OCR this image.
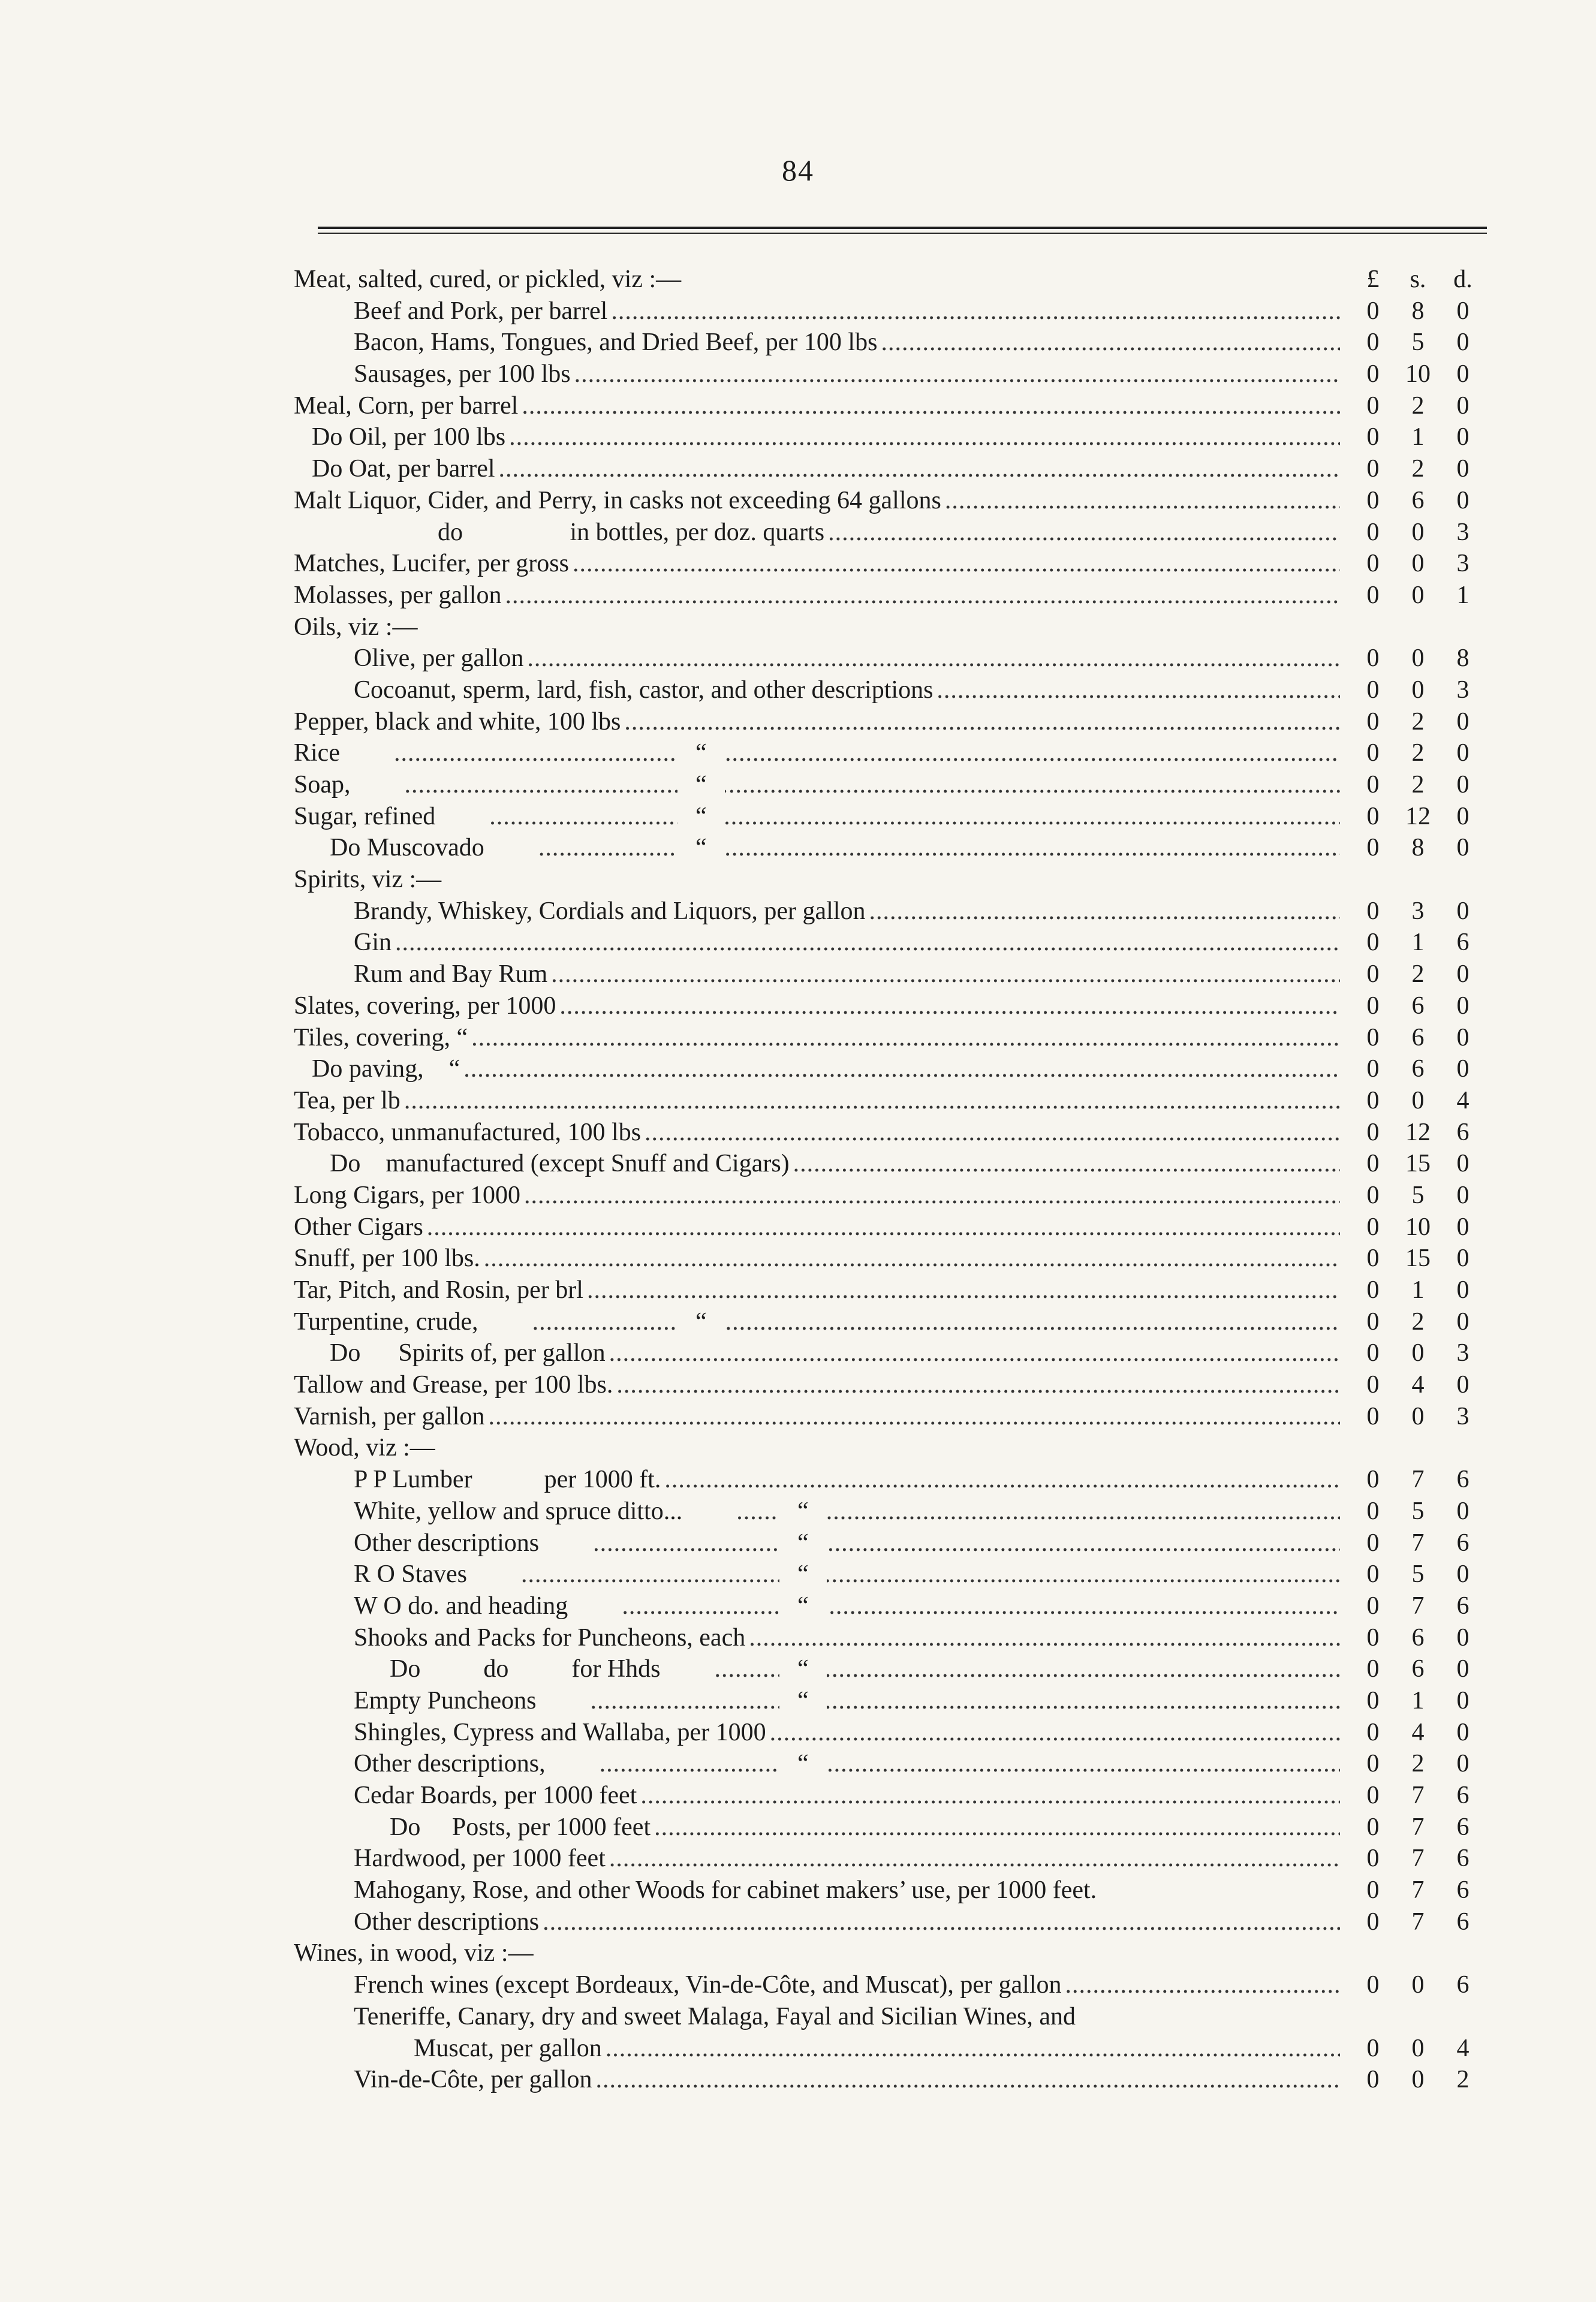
84
Meat, salted, cured, or pickled, viz :—	£	s.	d.
Beef and Pork, per barrel .....	0	8	0
Bacon, Hams, Tongues, and Dried Beef, per 100 lbs .....	0	5	0
Sausages, per 100 lbs .....	0	10	0
Meal, Corn, per barrel .....	0	2	0
Do Oil, per 100 lbs .....	0	1	0
Do Oat, per barrel .....	0	2	0
Malt Liquor, Cider, and Perry, in casks not exceeding 64 gallons .....	0	6	0
do                 in bottles, per doz. quarts .....	0	0	3
Matches, Lucifer, per gross .....	0	0	3
Molasses, per gallon .....	0	0	1
Oils, viz :—
Olive, per gallon .....	0	0	8
Cocoanut, sperm, lard, fish, castor, and other descriptions .....	0	0	3
Pepper, black and white, 100 lbs .....	0	2	0
Rice .....	“	0	2	0
Soap, .....	“	0	2	0
Sugar, refined .....	“	0	12	0
Do Muscovado .....	“	0	8	0
Spirits, viz :—
Brandy, Whiskey, Cordials and Liquors, per gallon .....	0	3	0
Gin .....	0	1	6
Rum and Bay Rum .....	0	2	0
Slates, covering, per 1000 .....	0	6	0
Tiles, covering, “ .....	0	6	0
Do paving,    “ .....	0	6	0
Tea, per lb .....	0	0	4
Tobacco, unmanufactured, 100 lbs .....	0	12	6
Do    manufactured (except Snuff and Cigars) .....	0	15	0
Long Cigars, per 1000 .....	0	5	0
Other Cigars .....	0	10	0
Snuff, per 100 lbs. .....	0	15	0
Tar, Pitch, and Rosin, per brl .....	0	1	0
Turpentine, crude, .....	“	0	2	0
Do      Spirits of, per gallon .....	0	0	3
Tallow and Grease, per 100 lbs. .....	0	4	0
Varnish, per gallon .....	0	0	3
Wood, viz :—
P P Lumber	per 1000 ft. .....	0	7	6
White, yellow and spruce ditto... .....	“	0	5	0
Other descriptions .....	“	0	7	6
R O Staves .....	“	0	5	0
W O do. and heading .....	“	0	7	6
Shooks and Packs for Puncheons, each .....	0	6	0
Do          do          for Hhds .....	“	0	6	0
Empty Puncheons .....	“	0	1	0
Shingles, Cypress and Wallaba, per 1000 .....	0	4	0
Other descriptions, .....	“	0	2	0
Cedar Boards, per 1000 feet .....	0	7	6
Do     Posts, per 1000 feet .....	0	7	6
Hardwood, per 1000 feet .....	0	7	6
Mahogany, Rose, and other Woods for cabinet makers’ use, per 1000 feet.	0	7	6
Other descriptions .....	0	7	6
Wines, in wood, viz :—
French wines (except Bordeaux, Vin-de-Côte, and Muscat), per gallon .....	0	0	6
Teneriffe, Canary, dry and sweet Malaga, Fayal and Sicilian Wines, and
Muscat, per gallon .....	0	0	4
Vin-de-Côte, per gallon .....	0	0	2
